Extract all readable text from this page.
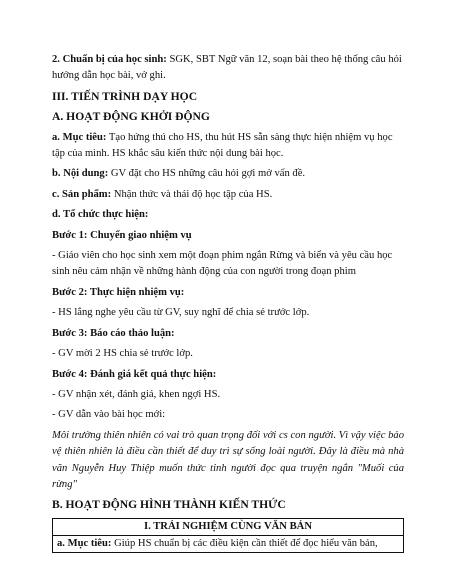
2. Chuẩn bị của học sinh: SGK, SBT Ngữ văn 12, soạn bài theo hệ thống câu hỏi

hướng dẫn học bài, vở ghi.

III. TIẾN TRÌNH DẠY HỌC

A. HOẠT ĐỘNG KHỞI ĐỘNG

a. Mục tiêu: Tạo hứng thú cho HS, thu hút HS sẵn sàng thực hiện nhiệm vụ học

tập của mình. HS khắc sâu kiến thức nội dung bài học.

b. Nội dung: GV đặt cho HS những câu hỏi gợi mở vấn đề.

c. Sản phẩm: Nhận thức và thái độ học tập của HS.

d. Tổ chức thực hiện:

Bước 1: Chuyển giao nhiệm vụ

- Giáo viên cho học sinh xem một đoạn phim ngắn Rừng và biển và yêu cầu học

sinh nêu cảm nhận về những hành động của con người trong đoạn phim

Bước 2: Thực hiện nhiệm vụ:

- HS lắng nghe yêu cầu từ GV, suy nghĩ để chia sẻ trước lớp.

Bước 3: Báo cáo thảo luận:

- GV mời 2 HS chia sẻ trước lớp.

Bước 4: Đánh giá kết quả thực hiện:

- GV nhận xét, đánh giá, khen ngợi HS.

- GV dẫn vào bài học mới:

Môi trường thiên nhiên có vai trò quan trọng đối với cs con người. Vì vậy việc bảo vệ thiên nhiên là điều cần thiết để duy trì sự sống loài người. Đây là điều mà nhà văn Nguyễn Huy Thiệp muốn thức tỉnh người đọc qua truyện ngắn "Muối của rừng"

B. HOẠT ĐỘNG HÌNH THÀNH KIẾN THỨC

I. TRẢI NGHIỆM CÙNG VĂN BẢN
a. Mục tiêu: Giúp HS chuẩn bị các điều kiện cần thiết để đọc hiểu văn bản,
